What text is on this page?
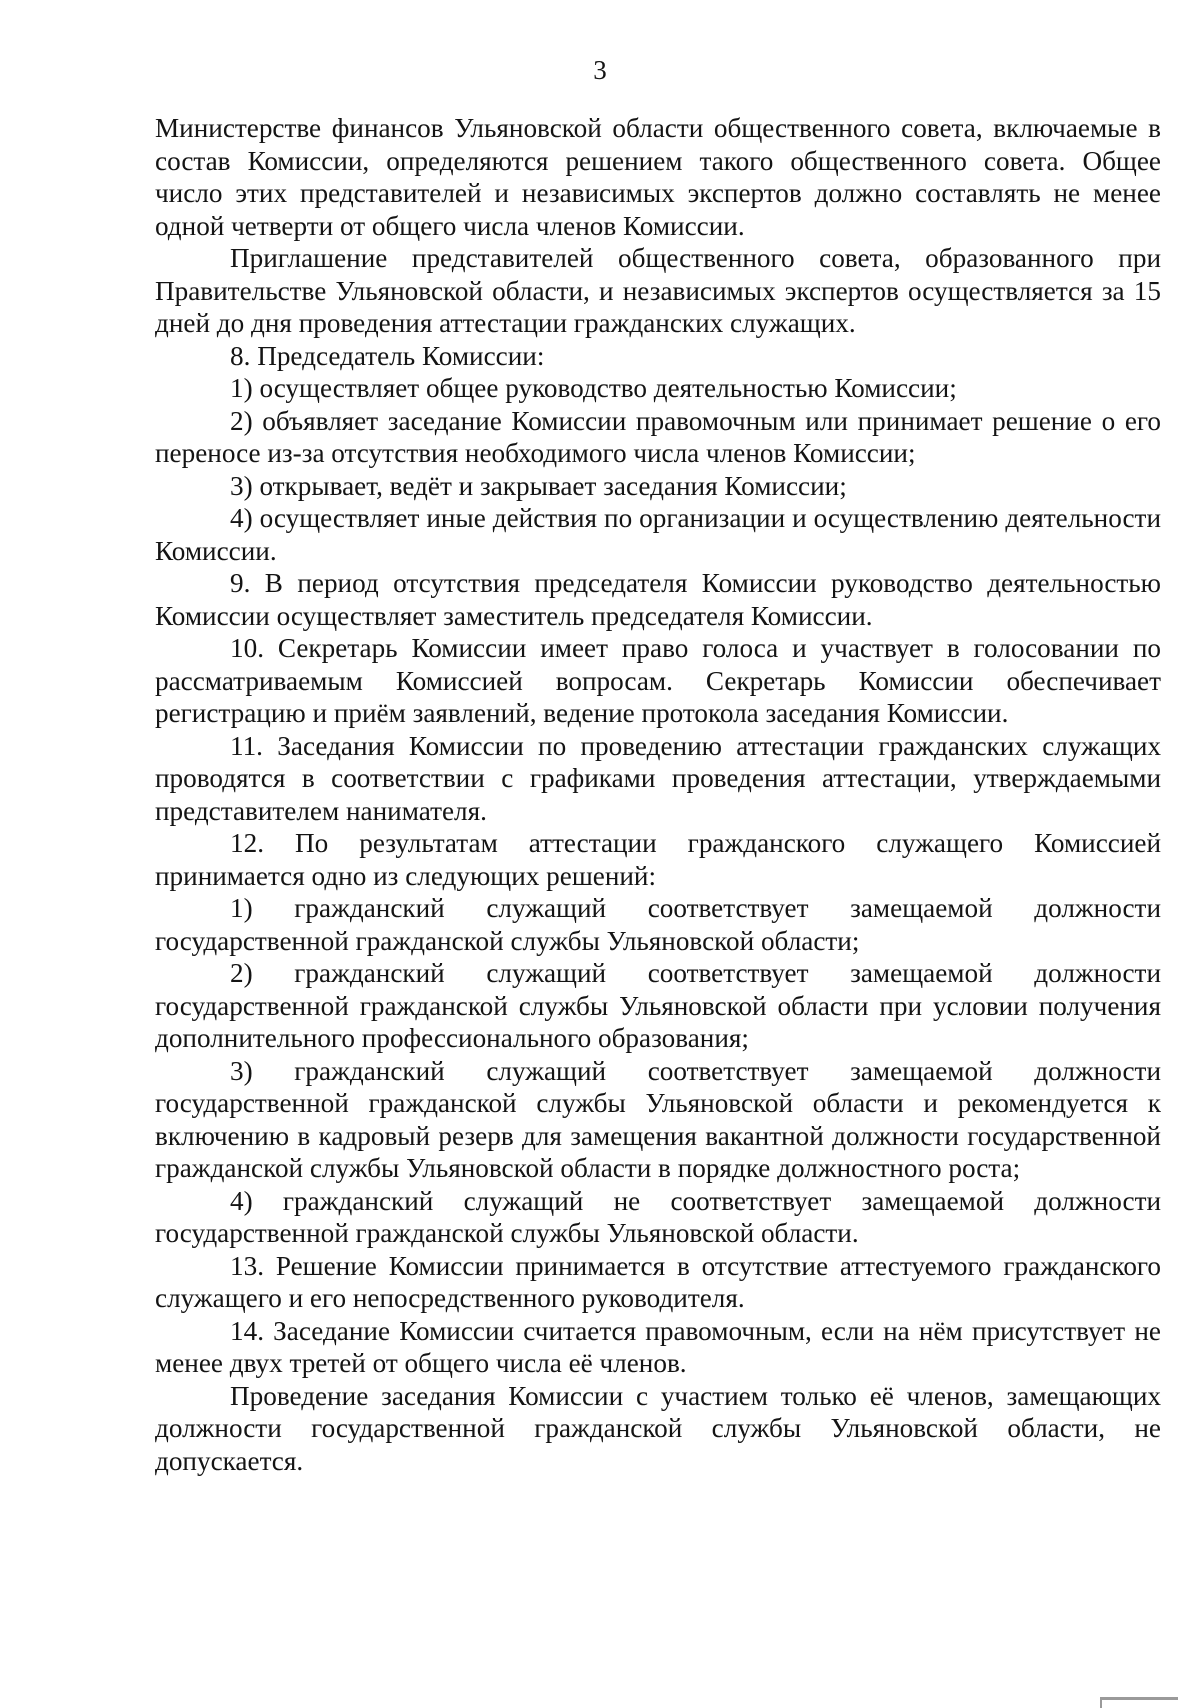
3

Министерстве финансов Ульяновской области общественного совета, включаемые в состав Комиссии, определяются решением такого общественного совета. Общее число этих представителей и независимых экспертов должно составлять не менее одной четверти от общего числа членов Комиссии.

Приглашение представителей общественного совета, образованного при Правительстве Ульяновской области, и независимых экспертов осуществляется за 15 дней до дня проведения аттестации гражданских служащих.

8. Председатель Комиссии:

1) осуществляет общее руководство деятельностью Комиссии;

2) объявляет заседание Комиссии правомочным или принимает решение о его переносе из-за отсутствия необходимого числа членов Комиссии;

3) открывает, ведёт и закрывает заседания Комиссии;

4) осуществляет иные действия по организации и осуществлению деятельности Комиссии.

9. В период отсутствия председателя Комиссии руководство деятельностью Комиссии осуществляет заместитель председателя Комиссии.

10. Секретарь Комиссии имеет право голоса и участвует в голосовании по рассматриваемым Комиссией вопросам. Секретарь Комиссии обеспечивает регистрацию и приём заявлений, ведение протокола заседания Комиссии.

11. Заседания Комиссии по проведению аттестации гражданских служащих проводятся в соответствии с графиками проведения аттестации, утверждаемыми представителем нанимателя.

12. По результатам аттестации гражданского служащего Комиссией принимается одно из следующих решений:

1) гражданский служащий соответствует замещаемой должности государственной гражданской службы Ульяновской области;

2) гражданский служащий соответствует замещаемой должности государственной гражданской службы Ульяновской области при условии получения дополнительного профессионального образования;

3) гражданский служащий соответствует замещаемой должности государственной гражданской службы Ульяновской области и рекомендуется к включению в кадровый резерв для замещения вакантной должности государственной гражданской службы Ульяновской области в порядке должностного роста;

4) гражданский служащий не соответствует замещаемой должности государственной гражданской службы Ульяновской области.

13. Решение Комиссии принимается в отсутствие аттестуемого гражданского служащего и его непосредственного руководителя.

14. Заседание Комиссии считается правомочным, если на нём присутствует не менее двух третей от общего числа её членов.

Проведение заседания Комиссии с участием только её членов, замещающих должности государственной гражданской службы Ульяновской области, не допускается.
